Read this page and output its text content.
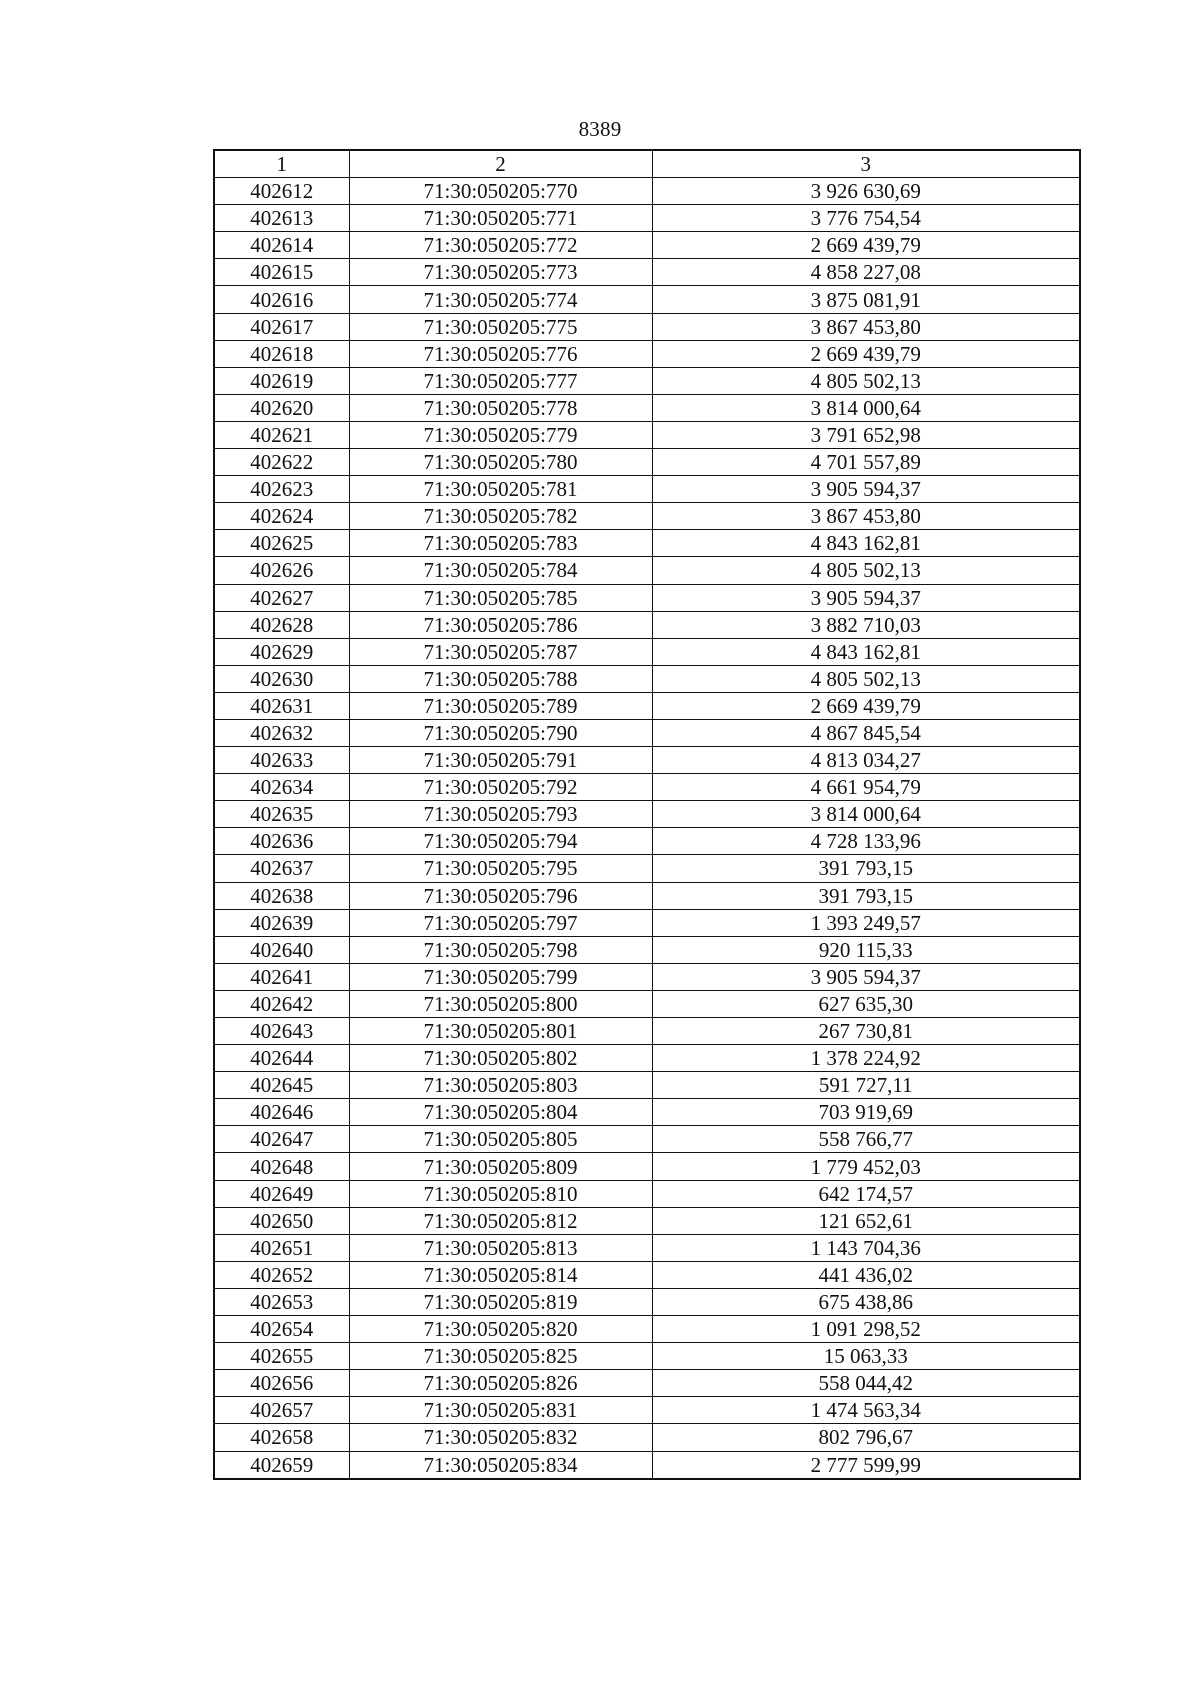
8389
1	2	3
402612	71:30:050205:770	3 926 630,69
402613	71:30:050205:771	3 776 754,54
402614	71:30:050205:772	2 669 439,79
402615	71:30:050205:773	4 858 227,08
402616	71:30:050205:774	3 875 081,91
402617	71:30:050205:775	3 867 453,80
402618	71:30:050205:776	2 669 439,79
402619	71:30:050205:777	4 805 502,13
402620	71:30:050205:778	3 814 000,64
402621	71:30:050205:779	3 791 652,98
402622	71:30:050205:780	4 701 557,89
402623	71:30:050205:781	3 905 594,37
402624	71:30:050205:782	3 867 453,80
402625	71:30:050205:783	4 843 162,81
402626	71:30:050205:784	4 805 502,13
402627	71:30:050205:785	3 905 594,37
402628	71:30:050205:786	3 882 710,03
402629	71:30:050205:787	4 843 162,81
402630	71:30:050205:788	4 805 502,13
402631	71:30:050205:789	2 669 439,79
402632	71:30:050205:790	4 867 845,54
402633	71:30:050205:791	4 813 034,27
402634	71:30:050205:792	4 661 954,79
402635	71:30:050205:793	3 814 000,64
402636	71:30:050205:794	4 728 133,96
402637	71:30:050205:795	391 793,15
402638	71:30:050205:796	391 793,15
402639	71:30:050205:797	1 393 249,57
402640	71:30:050205:798	920 115,33
402641	71:30:050205:799	3 905 594,37
402642	71:30:050205:800	627 635,30
402643	71:30:050205:801	267 730,81
402644	71:30:050205:802	1 378 224,92
402645	71:30:050205:803	591 727,11
402646	71:30:050205:804	703 919,69
402647	71:30:050205:805	558 766,77
402648	71:30:050205:809	1 779 452,03
402649	71:30:050205:810	642 174,57
402650	71:30:050205:812	121 652,61
402651	71:30:050205:813	1 143 704,36
402652	71:30:050205:814	441 436,02
402653	71:30:050205:819	675 438,86
402654	71:30:050205:820	1 091 298,52
402655	71:30:050205:825	15 063,33
402656	71:30:050205:826	558 044,42
402657	71:30:050205:831	1 474 563,34
402658	71:30:050205:832	802 796,67
402659	71:30:050205:834	2 777 599,99
